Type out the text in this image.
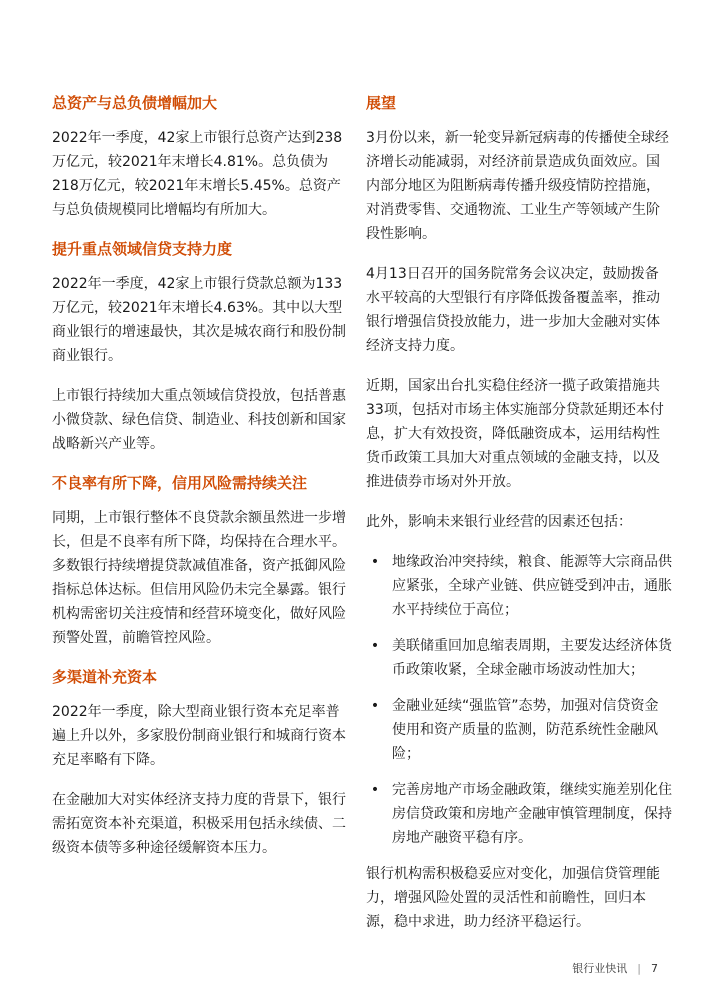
总资产与总负债增幅加大

2022年一季度，42家上市银行总资产达到238万亿元，较2021年末增长4.81%。总负债为218万亿元，较2021年末增长5.45%。总资产与总负债规模同比增幅均有所加大。

提升重点领域信贷支持力度

2022年一季度，42家上市银行贷款总额为133万亿元，较2021年末增长4.63%。其中以大型商业银行的增速最快，其次是城农商行和股份制商业银行。

上市银行持续加大重点领域信贷投放，包括普惠小微贷款、绿色信贷、制造业、科技创新和国家战略新兴产业等。

不良率有所下降，信用风险需持续关注

同期，上市银行整体不良贷款余额虽然进一步增长，但是不良率有所下降，均保持在合理水平。多数银行持续增提贷款减值准备，资产抵御风险指标总体达标。但信用风险仍未完全暴露。银行机构需密切关注疫情和经营环境变化，做好风险预警处置，前瞻管控风险。

多渠道补充资本

2022年一季度，除大型商业银行资本充足率普遍上升以外，多家股份制商业银行和城商行资本充足率略有下降。

在金融加大对实体经济支持力度的背景下，银行需拓宽资本补充渠道，积极采用包括永续债、二级资本债等多种途径缓解资本压力。

展望

3月份以来，新一轮变异新冠病毒的传播使全球经济增长动能减弱，对经济前景造成负面效应。国内部分地区为阻断病毒传播升级疫情防控措施，对消费零售、交通物流、工业生产等领域产生阶段性影响。

4月13日召开的国务院常务会议决定，鼓励拨备水平较高的大型银行有序降低拨备覆盖率，推动银行增强信贷投放能力，进一步加大金融对实体经济支持力度。

近期，国家出台扎实稳住经济一揽子政策措施共33项，包括对市场主体实施部分贷款延期还本付息，扩大有效投资，降低融资成本，运用结构性货币政策工具加大对重点领域的金融支持，以及推进债券市场对外开放。

此外，影响未来银行业经营的因素还包括：

• 地缘政治冲突持续，粮食、能源等大宗商品供应紧张，全球产业链、供应链受到冲击，通胀水平持续位于高位；
• 美联储重回加息缩表周期，主要发达经济体货币政策收紧，全球金融市场波动性加大；
• 金融业延续“强监管”态势，加强对信贷资金使用和资产质量的监测，防范系统性金融风险；
• 完善房地产市场金融政策，继续实施差别化住房信贷政策和房地产金融审慎管理制度，保持房地产融资平稳有序。

银行机构需积极稳妥应对变化，加强信贷管理能力，增强风险处置的灵活性和前瞻性，回归本源，稳中求进，助力经济平稳运行。

银行业快讯 | 7
